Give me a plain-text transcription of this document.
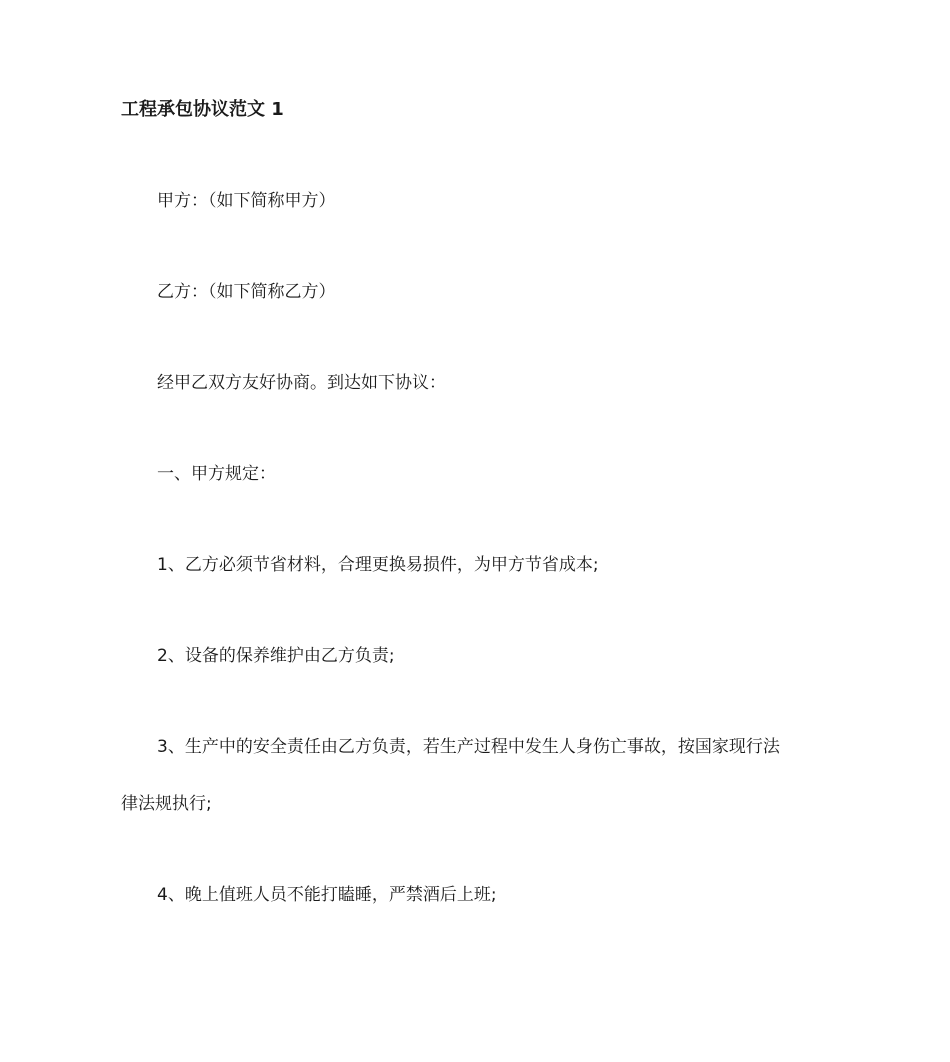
工程承包协议范文 1
甲方：（如下简称甲方）
乙方：（如下简称乙方）
经甲乙双方友好协商。到达如下协议：
一、甲方规定：
1、乙方必须节省材料，合理更换易损件，为甲方节省成本;
2、设备的保养维护由乙方负责;
3、生产中的安全责任由乙方负责，若生产过程中发生人身伤亡事故，按国家现行法
律法规执行;
4、晚上值班人员不能打瞌睡，严禁酒后上班;
